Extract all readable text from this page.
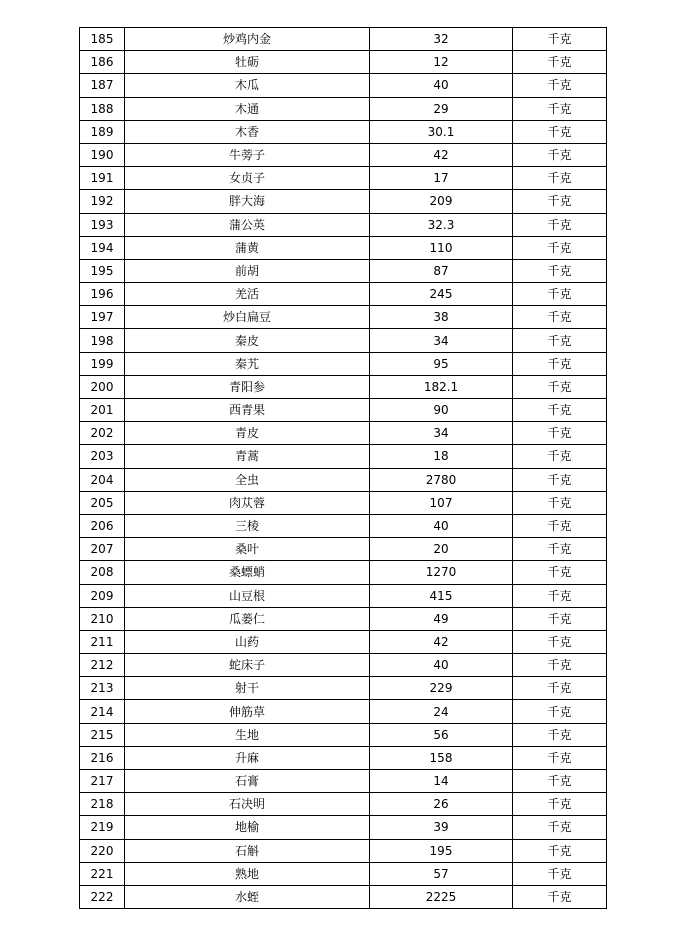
185	炒鸡内金	32	千克
186	牡砺	12	千克
187	木瓜	40	千克
188	木通	29	千克
189	木香	30.1	千克
190	牛蒡子	42	千克
191	女贞子	17	千克
192	胖大海	209	千克
193	蒲公英	32.3	千克
194	蒲黄	110	千克
195	前胡	87	千克
196	羌活	245	千克
197	炒白扁豆	38	千克
198	秦皮	34	千克
199	秦艽	95	千克
200	青阳参	182.1	千克
201	西青果	90	千克
202	青皮	34	千克
203	青蒿	18	千克
204	全虫	2780	千克
205	肉苁蓉	107	千克
206	三棱	40	千克
207	桑叶	20	千克
208	桑螵蛸	1270	千克
209	山豆根	415	千克
210	瓜蒌仁	49	千克
211	山药	42	千克
212	蛇床子	40	千克
213	射干	229	千克
214	伸筋草	24	千克
215	生地	56	千克
216	升麻	158	千克
217	石膏	14	千克
218	石决明	26	千克
219	地榆	39	千克
220	石斛	195	千克
221	熟地	57	千克
222	水蛭	2225	千克
